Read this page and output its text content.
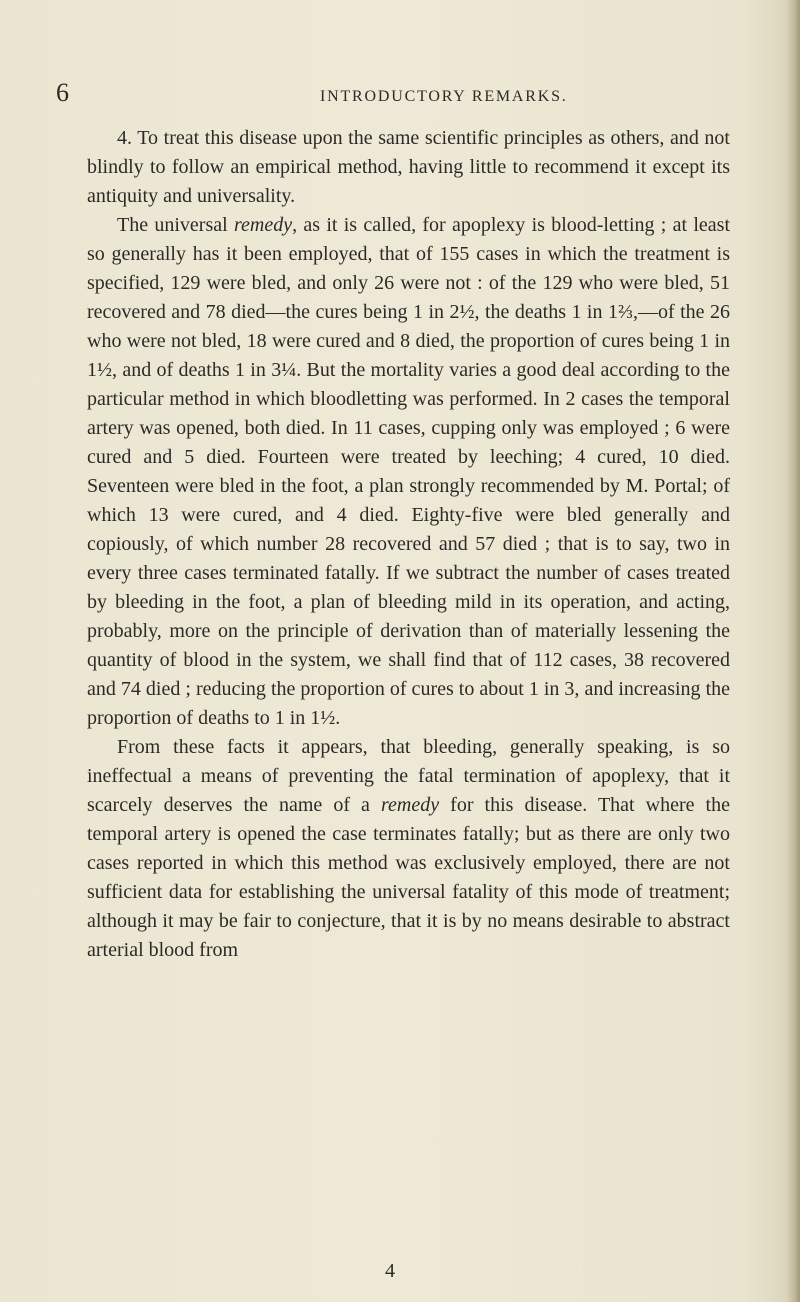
6	INTRODUCTORY REMARKS.

4. To treat this disease upon the same scientific principles as others, and not blindly to follow an empirical method, having little to recommend it except its antiquity and universality.

The universal remedy, as it is called, for apoplexy is blood-letting ; at least so generally has it been employed, that of 155 cases in which the treatment is specified, 129 were bled, and only 26 were not : of the 129 who were bled, 51 recovered and 78 died—the cures being 1 in 2½, the deaths 1 in 1⅔,—of the 26 who were not bled, 18 were cured and 8 died, the proportion of cures being 1 in 1½, and of deaths 1 in 3¼. But the mortality varies a good deal according to the particular method in which bloodletting was performed. In 2 cases the temporal artery was opened, both died. In 11 cases, cupping only was employed ; 6 were cured and 5 died. Fourteen were treated by leeching; 4 cured, 10 died. Seventeen were bled in the foot, a plan strongly recommended by M. Portal; of which 13 were cured, and 4 died. Eighty-five were bled generally and copiously, of which number 28 recovered and 57 died ; that is to say, two in every three cases terminated fatally. If we subtract the number of cases treated by bleeding in the foot, a plan of bleeding mild in its operation, and acting, probably, more on the principle of derivation than of materially lessening the quantity of blood in the system, we shall find that of 112 cases, 38 recovered and 74 died ; reducing the proportion of cures to about 1 in 3, and increasing the proportion of deaths to 1 in 1½.

From these facts it appears, that bleeding, generally speaking, is so ineffectual a means of preventing the fatal termination of apoplexy, that it scarcely deserves the name of a remedy for this disease. That where the temporal artery is opened the case terminates fatally; but as there are only two cases reported in which this method was exclusively employed, there are not sufficient data for establishing the universal fatality of this mode of treatment; although it may be fair to conjecture, that it is by no means desirable to abstract arterial blood from

4
